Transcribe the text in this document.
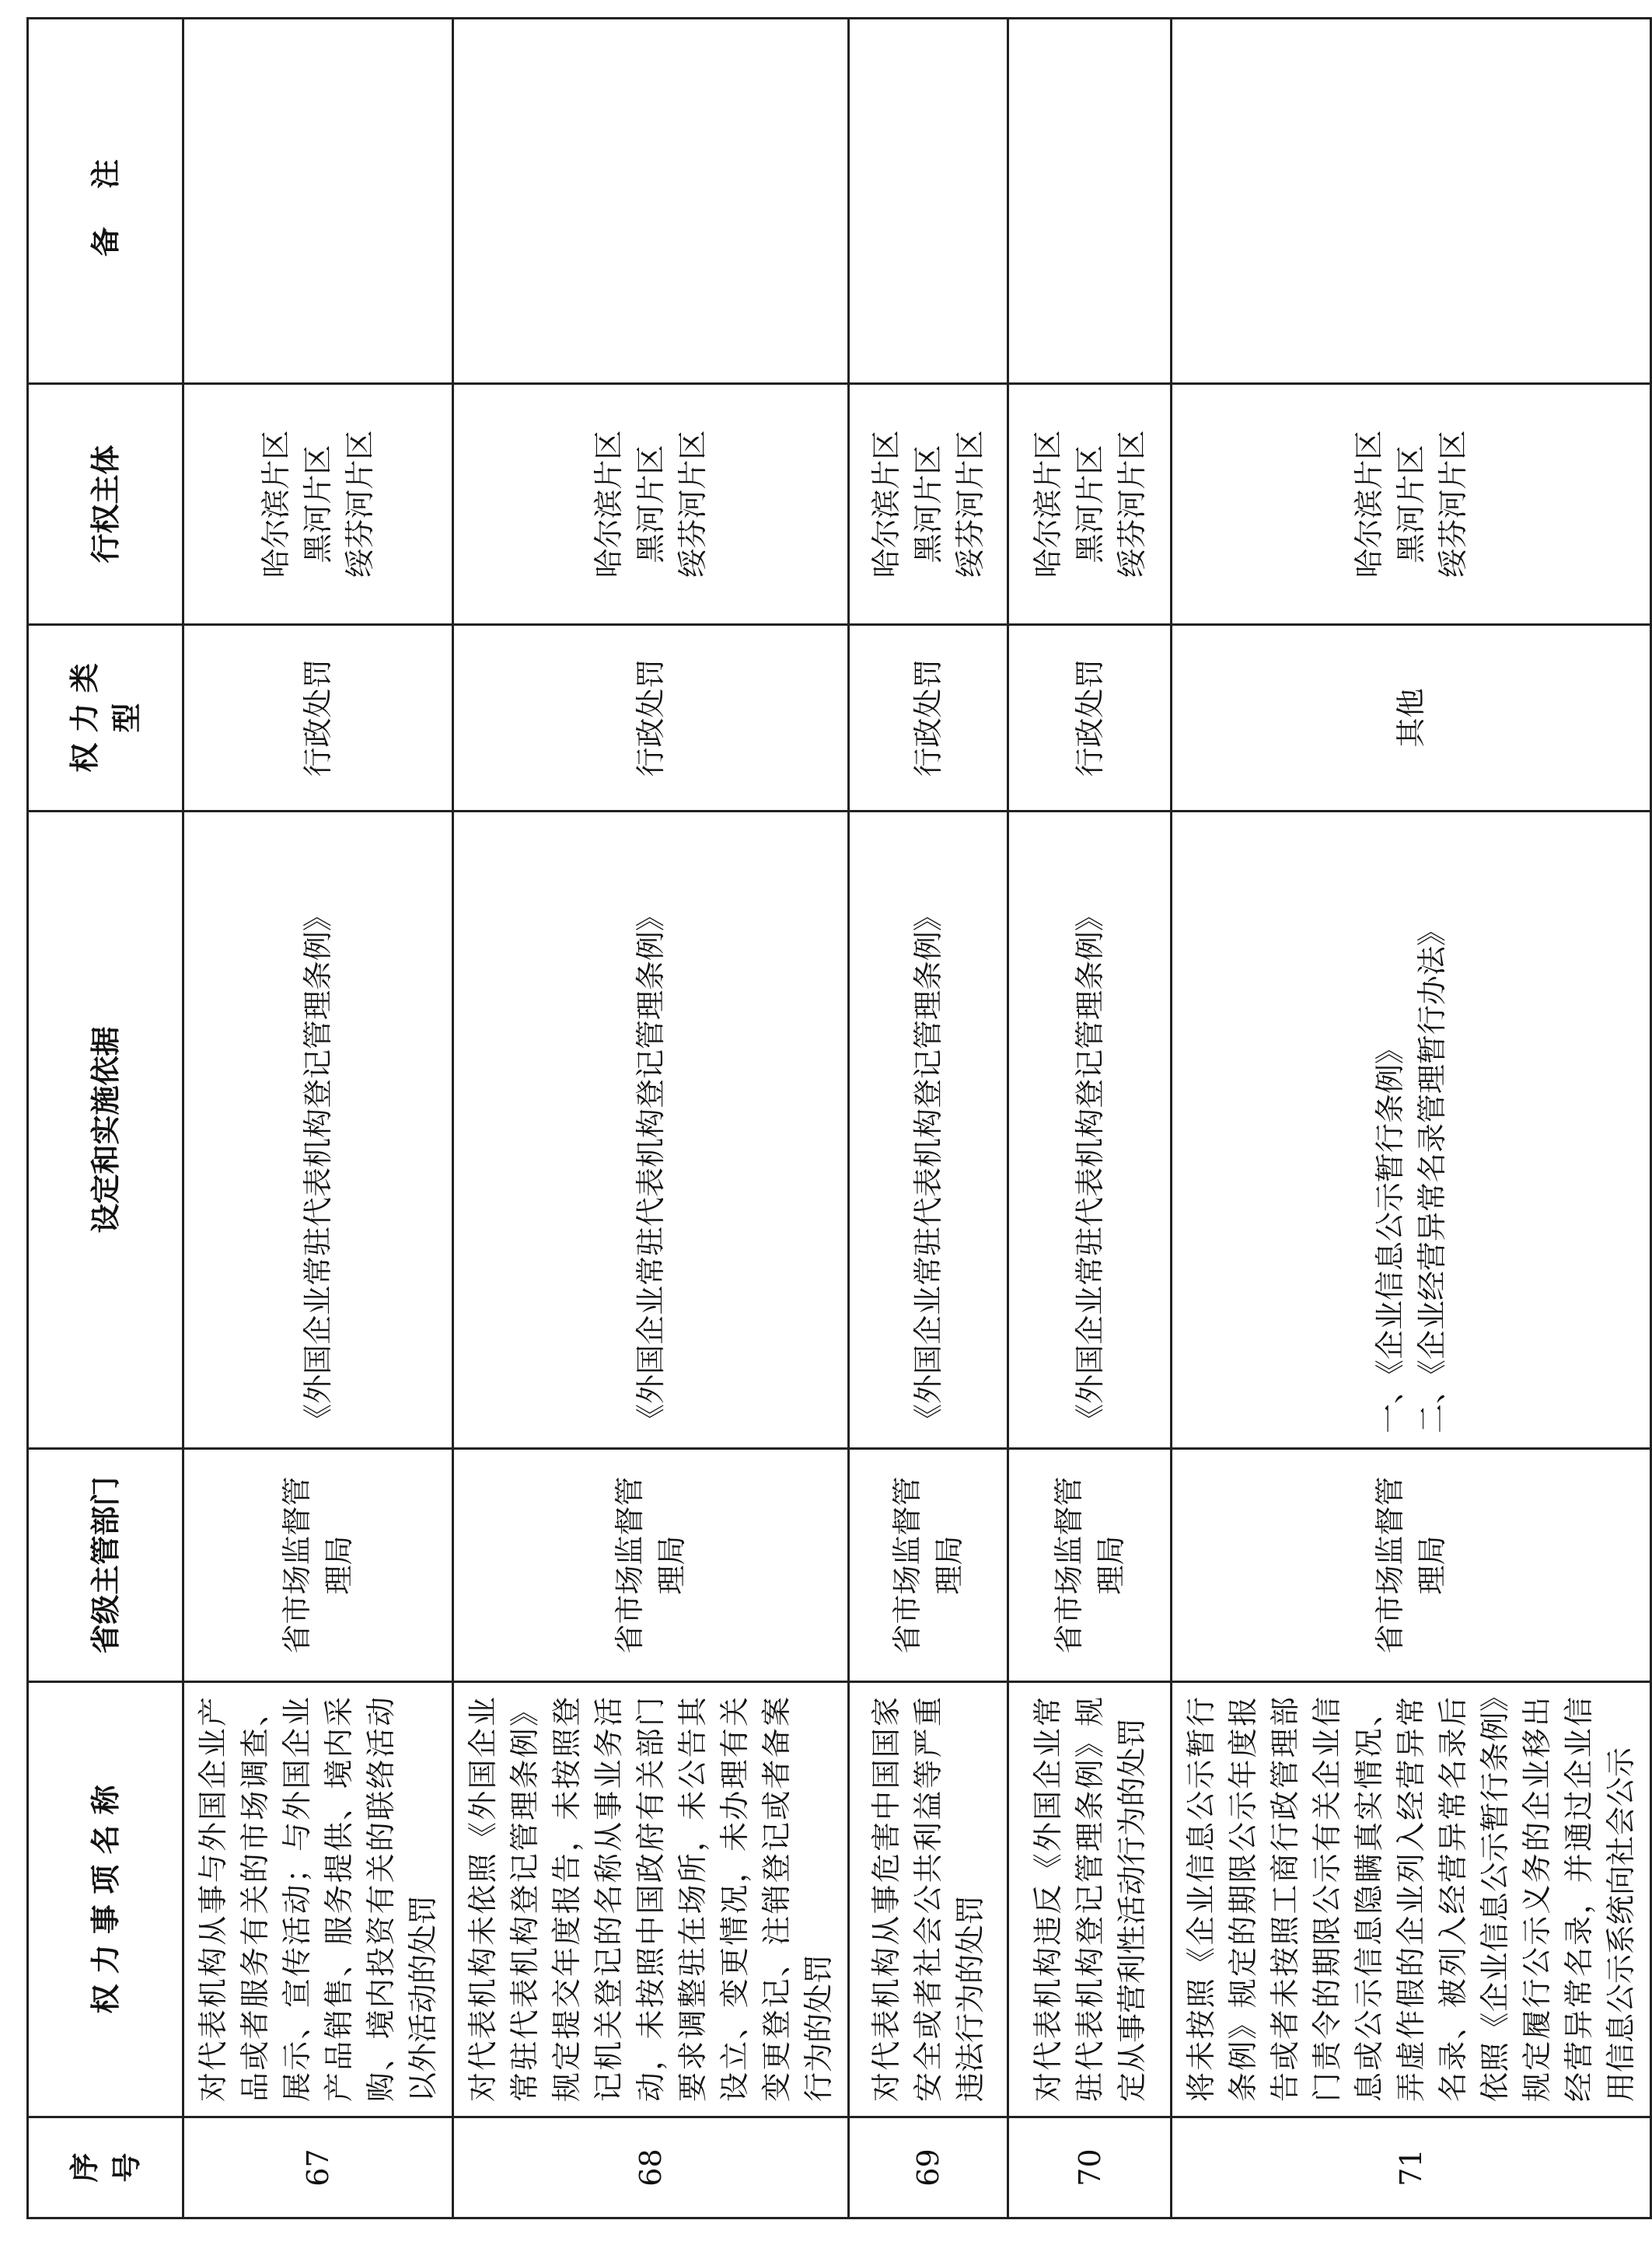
序号	权 力 事 项 名 称	省级主管部门	设定和实施依据	权 力 类 型	行权主体	备 注
67	对代表机构从事与外国企业产品或者服务有关的市场调查、展示、宣传活动；与外国企业产品销售、服务提供、境内采购、境内投资有关的联络活动以外活动的处罚	省市场监督管理局	《外国企业常驻代表机构登记管理条例》	行政处罚	哈尔滨片区
黑河片区
绥芬河片区	
68	对代表机构未依照《外国企业常驻代表机构登记管理条例》规定提交年度报告，未按照登记机关登记的名称从事业务活动，未按照中国政府有关部门要求调整驻在场所，未公告其设立、变更情况，未办理有关变更登记、注销登记或者备案行为的处罚	省市场监督管理局	《外国企业常驻代表机构登记管理条例》	行政处罚	哈尔滨片区
黑河片区
绥芬河片区	
69	对代表机构从事危害中国国家安全或者社会公共利益等严重违法行为的处罚	省市场监督管理局	《外国企业常驻代表机构登记管理条例》	行政处罚	哈尔滨片区
黑河片区
绥芬河片区	
70	对代表机构违反《外国企业常驻代表机构登记管理条例》规定从事营利性活动行为的处罚	省市场监督管理局	《外国企业常驻代表机构登记管理条例》	行政处罚	哈尔滨片区
黑河片区
绥芬河片区	
71	将未按照《企业信息公示暂行条例》规定的期限公示年度报告或者未按照工商行政管理部门责令的期限公示有关企业信息或公示信息隐瞒真实情况、弄虚作假的企业列入经营异常名录、被列入经营异常名录后依照《企业信息公示暂行条例》规定履行公示义务的企业移出经营异常名录，并通过企业信用信息公示系统向社会公示	省市场监督管理局	一、《企业信息公示暂行条例》
二、《企业经营异常名录管理暂行办法》	其他	哈尔滨片区
黑河片区
绥芬河片区	
